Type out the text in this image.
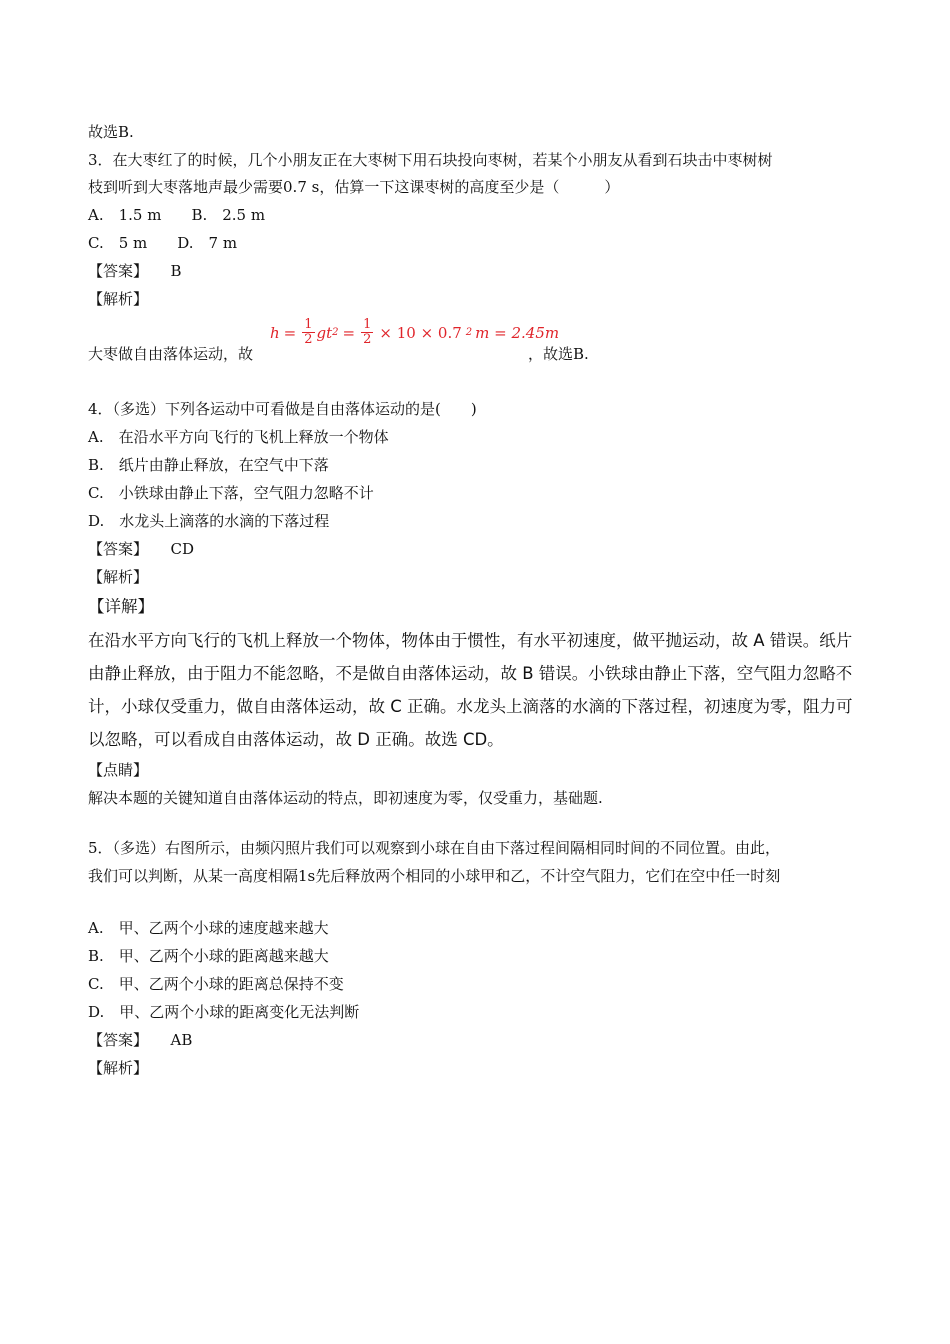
故选B.
3．在大枣红了的时候，几个小朋友正在大枣树下用石块投向枣树，若某个小朋友从看到石块击中枣树树
枝到听到大枣落地声最少需要0.7 s，估算一下这课枣树的高度至少是（　　　）
A.　1.5 m　　B.　2.5 m
C.　5 m　　D.　7 m
【答案】　　B
【解析】
大枣做自由落体运动，故
$h = \frac{1}{2}$ gt $2 = \frac{1}{2} \times 10 \times 0.7$ 2 m = 2.45m
，故选B.
4．（多选）下列各运动中可看做是自由落体运动的是(　　)
A.　在沿水平方向飞行的飞机上释放一个物体
B.　纸片由静止释放，在空气中下落
C.　小铁球由静止下落，空气阻力忽略不计
D.　水龙头上滴落的水滴的下落过程
【答案】　　CD
【解析】
【详解】
在沿水平方向飞行的飞机上释放一个物体，物体由于惯性，有水平初速度，做平抛运动，故 A 错误。纸片
由静止释放，由于阻力不能忽略，不是做自由落体运动，故 B 错误。小铁球由静止下落，空气阻力忽略不
计，小球仅受重力，做自由落体运动，故 C 正确。水龙头上滴落的水滴的下落过程，初速度为零，阻力可
以忽略，可以看成自由落体运动，故 D 正确。故选 CD。
【点睛】
解决本题的关键知道自由落体运动的特点，即初速度为零，仅受重力，基础题.
5．（多选）右图所示，由频闪照片我们可以观察到小球在自由下落过程间隔相同时间的不同位置。由此，
我们可以判断，从某一高度相隔1s先后释放两个相同的小球甲和乙，不计空气阻力，它们在空中任一时刻
A.　甲、乙两个小球的速度越来越大
B.　甲、乙两个小球的距离越来越大
C.　甲、乙两个小球的距离总保持不变
D.　甲、乙两个小球的距离变化无法判断
【答案】　　AB
【解析】
